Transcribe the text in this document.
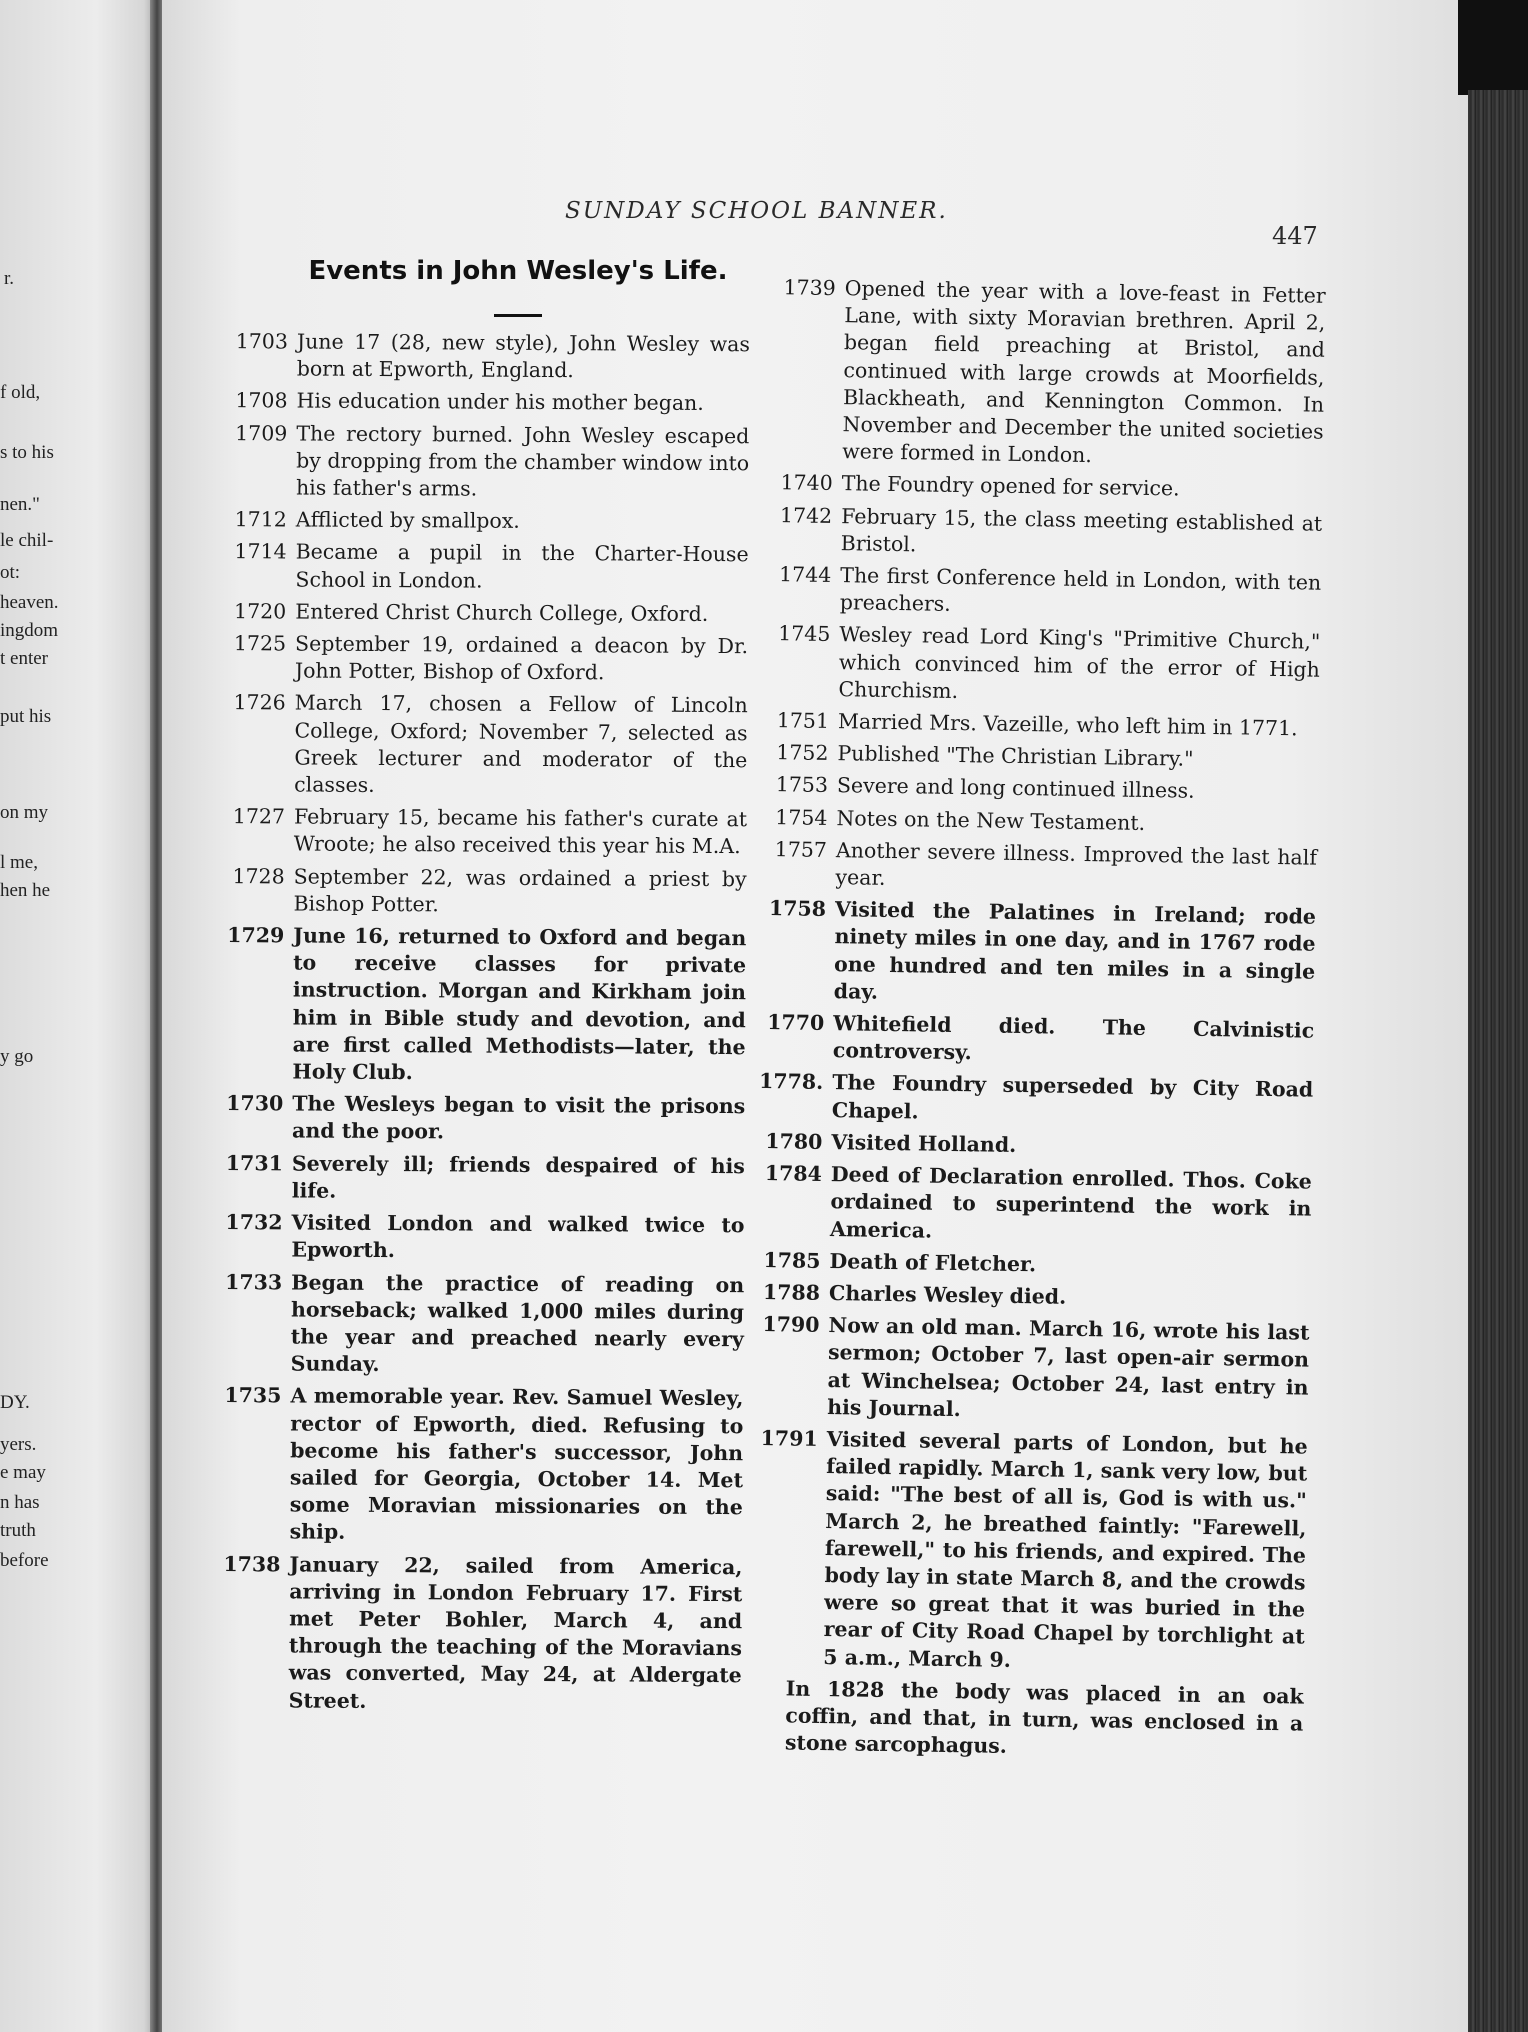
r.
f old,
s to his
nen."
le chil-
ot:
heaven.
ingdom
t enter
put his
on my
l me,
hen he
y go
DY.
yers.
e may
n has
truth
before
SUNDAY SCHOOL BANNER.
447
Events in John Wesley's Life.
1703 June 17 (28, new style), John Wesley was born at Epworth, England.
1708 His education under his mother began.
1709 The rectory burned. John Wesley escaped by dropping from the chamber window into his father's arms.
1712 Afflicted by smallpox.
1714 Became a pupil in the Charter-House School in London.
1720 Entered Christ Church College, Oxford.
1725 September 19, ordained a deacon by Dr. John Potter, Bishop of Oxford.
1726 March 17, chosen a Fellow of Lincoln College, Oxford; November 7, selected as Greek lecturer and moderator of the classes.
1727 February 15, became his father's curate at Wroote; he also received this year his M.A.
1728 September 22, was ordained a priest by Bishop Potter.
1729 June 16, returned to Oxford and began to receive classes for private instruction. Morgan and Kirkham join him in Bible study and devotion, and are first called Methodists—later, the Holy Club.
1730 The Wesleys began to visit the prisons and the poor.
1731 Severely ill; friends despaired of his life.
1732 Visited London and walked twice to Epworth.
1733 Began the practice of reading on horseback; walked 1,000 miles during the year and preached nearly every Sunday.
1735 A memorable year. Rev. Samuel Wesley, rector of Epworth, died. Refusing to become his father's successor, John sailed for Georgia, October 14. Met some Moravian missionaries on the ship.
1738 January 22, sailed from America, arriving in London February 17. First met Peter Bohler, March 4, and through the teaching of the Moravians was converted, May 24, at Aldergate Street.
1739 Opened the year with a love-feast in Fetter Lane, with sixty Moravian brethren. April 2, began field preaching at Bristol, and continued with large crowds at Moorfields, Blackheath, and Kennington Common. In November and December the united societies were formed in London.
1740 The Foundry opened for service.
1742 February 15, the class meeting established at Bristol.
1744 The first Conference held in London, with ten preachers.
1745 Wesley read Lord King's "Primitive Church," which convinced him of the error of High Churchism.
1751 Married Mrs. Vazeille, who left him in 1771.
1752 Published "The Christian Library."
1753 Severe and long continued illness.
1754 Notes on the New Testament.
1757 Another severe illness. Improved the last half year.
1758 Visited the Palatines in Ireland; rode ninety miles in one day, and in 1767 rode one hundred and ten miles in a single day.
1770 Whitefield died. The Calvinistic controversy.
1778. The Foundry superseded by City Road Chapel.
1780 Visited Holland.
1784 Deed of Declaration enrolled. Thos. Coke ordained to superintend the work in America.
1785 Death of Fletcher.
1788 Charles Wesley died.
1790 Now an old man. March 16, wrote his last sermon; October 7, last open-air sermon at Winchelsea; October 24, last entry in his Journal.
1791 Visited several parts of London, but he failed rapidly. March 1, sank very low, but said: "The best of all is, God is with us." March 2, he breathed faintly: "Farewell, farewell," to his friends, and expired. The body lay in state March 8, and the crowds were so great that it was buried in the rear of City Road Chapel by torchlight at 5 a.m., March 9.
In 1828 the body was placed in an oak coffin, and that, in turn, was enclosed in a stone sarcophagus.
